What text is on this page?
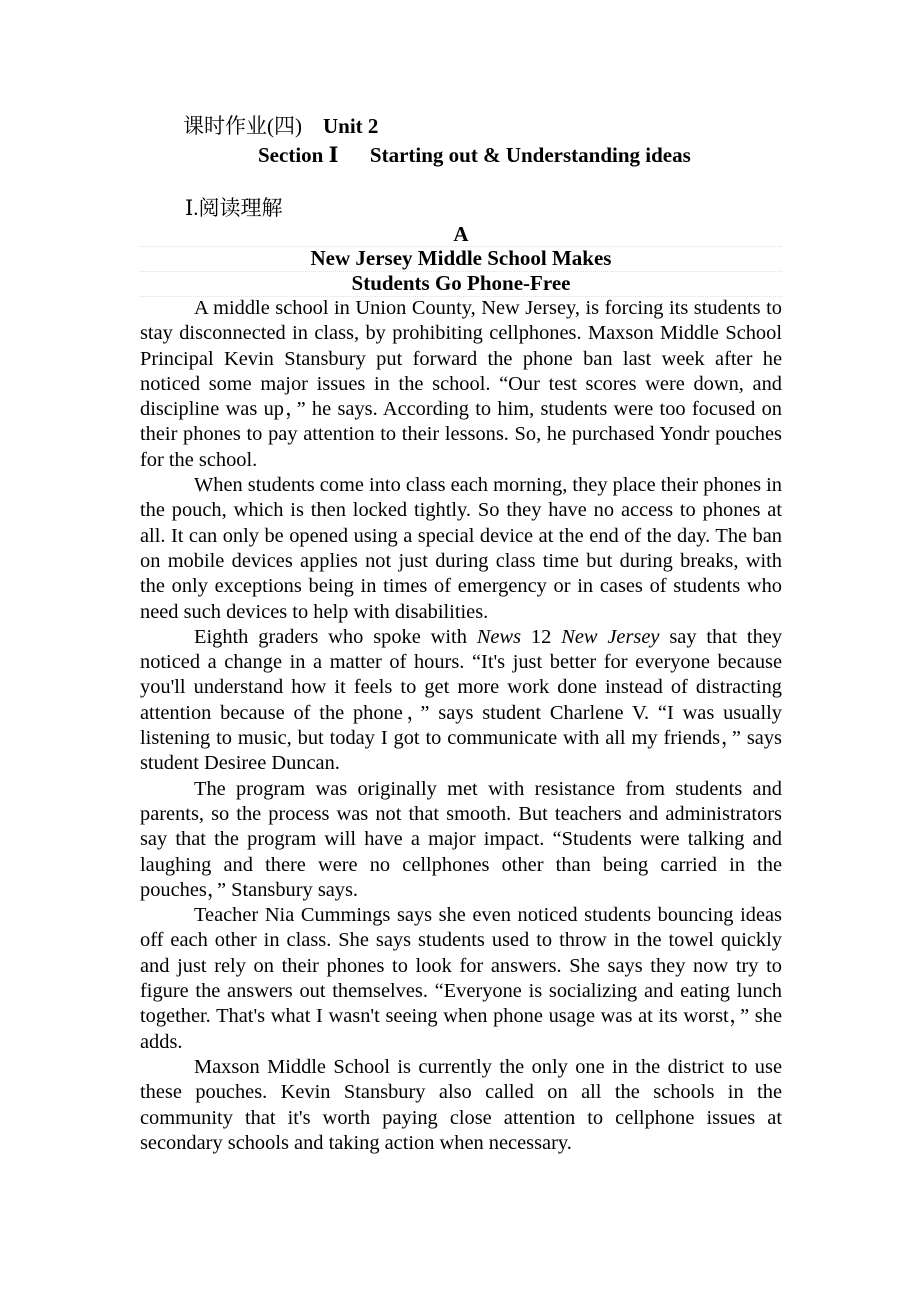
课时作业(四) Unit 2
Section Ⅰ Starting out & Understanding ideas
Ⅰ.阅读理解
A
New Jersey Middle School Makes
Students Go Phone-Free

A middle school in Union County, New Jersey, is forcing its students to stay disconnected in class, by prohibiting cellphones. Maxson Middle School Principal Kevin Stansbury put forward the phone ban last week after he noticed some major issues in the school. “Our test scores were down, and discipline was up，” he says. According to him, students were too focused on their phones to pay attention to their lessons. So, he purchased Yondr pouches for the school.

When students come into class each morning, they place their phones in the pouch, which is then locked tightly. So they have no access to phones at all. It can only be opened using a special device at the end of the day. The ban on mobile devices applies not just during class time but during breaks, with the only exceptions being in times of emergency or in cases of students who need such devices to help with disabilities.

Eighth graders who spoke with News 12 New Jersey say that they noticed a change in a matter of hours. “It's just better for everyone because you'll understand how it feels to get more work done instead of distracting attention because of the phone，” says student Charlene V. “I was usually listening to music, but today I got to communicate with all my friends，” says student Desiree Duncan.

The program was originally met with resistance from students and parents, so the process was not that smooth. But teachers and administrators say that the program will have a major impact. “Students were talking and laughing and there were no cellphones other than being carried in the pouches，” Stansbury says.

Teacher Nia Cummings says she even noticed students bouncing ideas off each other in class. She says students used to throw in the towel quickly and just rely on their phones to look for answers. She says they now try to figure the answers out themselves. “Everyone is socializing and eating lunch together. That's what I wasn't seeing when phone usage was at its worst，” she adds.

Maxson Middle School is currently the only one in the district to use these pouches. Kevin Stansbury also called on all the schools in the community that it's worth paying close attention to cellphone issues at secondary schools and taking action when necessary.
